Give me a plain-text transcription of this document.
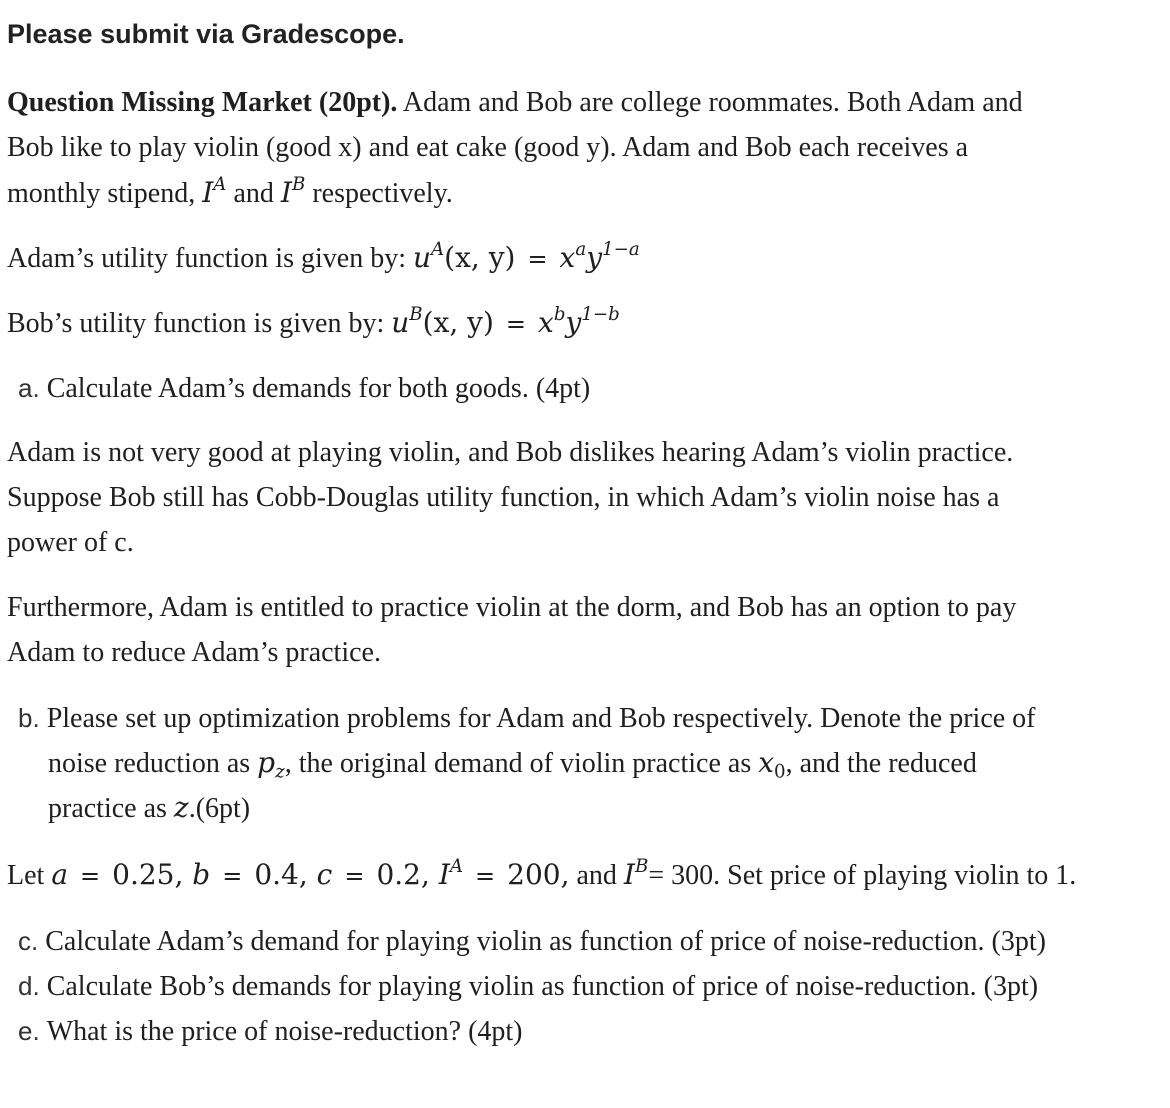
Please submit via Gradescope.
Question Missing Market (20pt). Adam and Bob are college roommates. Both Adam and
Bob like to play violin (good x) and eat cake (good y). Adam and Bob each receives a
monthly stipend, $I^A$ and $I^B$ respectively.
Adam’s utility function is given by: $u^A(x$, $y) = x^ay^{1-a}$
Bob’s utility function is given by: $u^B(x$, $y) = x^by^{1-b}$
a. Calculate Adam’s demands for both goods. (4pt)
Adam is not very good at playing violin, and Bob dislikes hearing Adam’s violin practice.
Suppose Bob still has Cobb-Douglas utility function, in which Adam’s violin noise has a
power of c.
Furthermore, Adam is entitled to practice violin at the dorm, and Bob has an option to pay
Adam to reduce Adam’s practice.
b. Please set up optimization problems for Adam and Bob respectively. Denote the price of
noise reduction as $p_z$, the original demand of violin practice as $x_0$, and the reduced
practice as z.(6pt)
Let a = 0.25, b = 0.4, c = 0.2, $I^A = 200$, and $I^B= 300$. Set price of playing violin to 1.
c. Calculate Adam’s demand for playing violin as function of price of noise-reduction. (3pt)
d. Calculate Bob’s demands for playing violin as function of price of noise-reduction. (3pt)
e. What is the price of noise-reduction? (4pt)
